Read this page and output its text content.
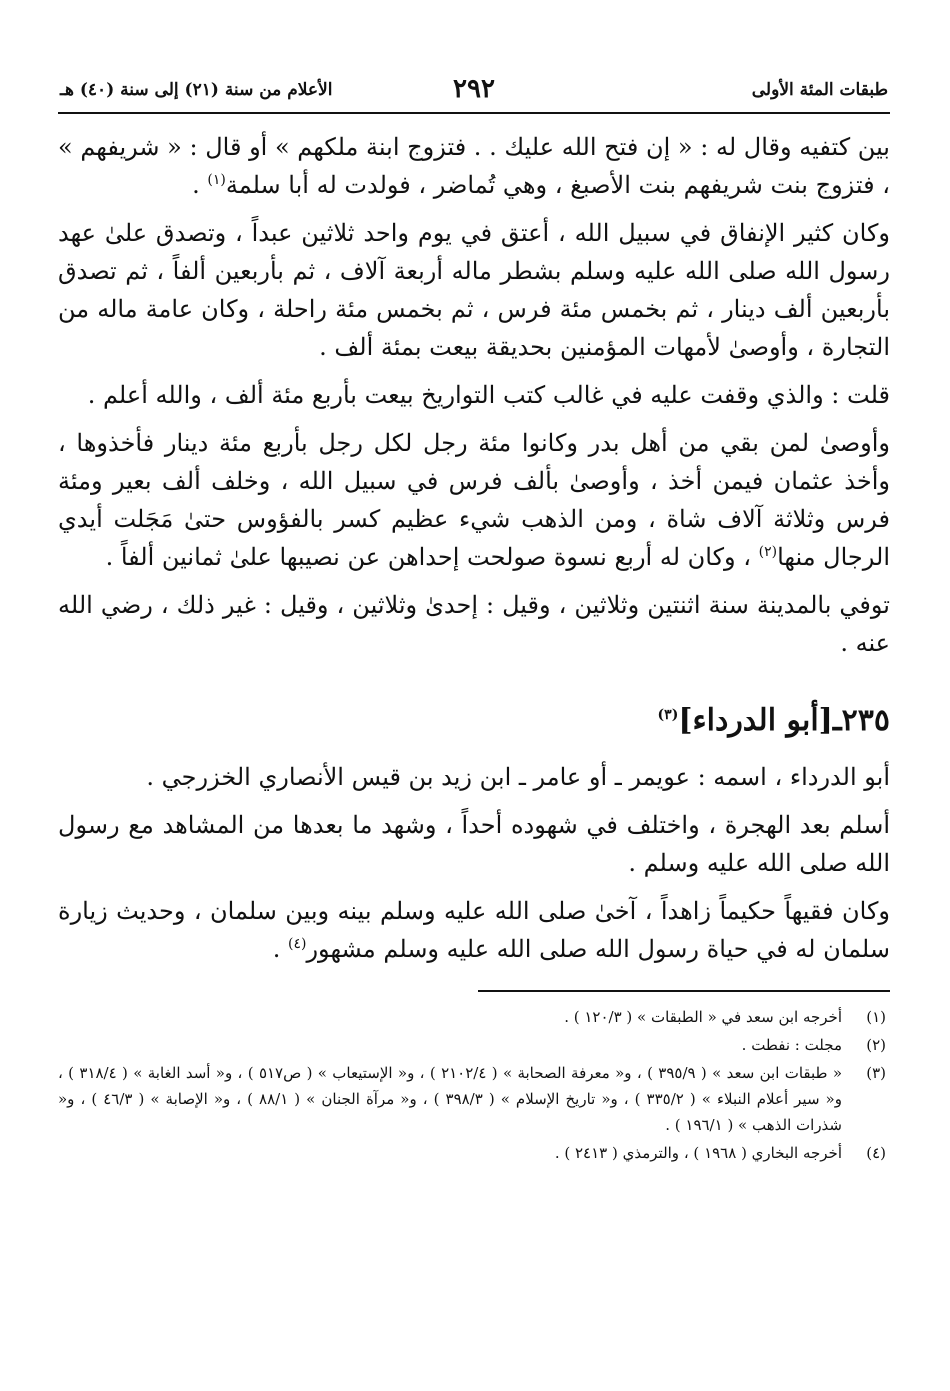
طبقات المئة الأولى
٢٩٢
الأعلام من سنة (٢١) إلى سنة (٤٠) هـ

بين كتفيه وقال له : « إن فتح الله عليك . . فتزوج ابنة ملكهم » أو قال : « شريفهم » ، فتزوج بنت شريفهم بنت الأصبغ ، وهي تُماضر ، فولدت له أبا سلمة$^{(١)}$ .

وكان كثير الإنفاق في سبيل الله ، أعتق في يوم واحد ثلاثين عبداً ، وتصدق علىٰ عهد رسول الله صلى الله عليه وسلم بشطر ماله أربعة آلاف ، ثم بأربعين ألفاً ، ثم تصدق بأربعين ألف دينار ، ثم بخمس مئة فرس ، ثم بخمس مئة راحلة ، وكان عامة ماله من التجارة ، وأوصىٰ لأمهات المؤمنين بحديقة بيعت بمئة ألف .

قلت : والذي وقفت عليه في غالب كتب التواريخ بيعت بأربع مئة ألف ، والله أعلم .

وأوصىٰ لمن بقي من أهل بدر وكانوا مئة رجل لكل رجل بأربع مئة دينار فأخذوها ، وأخذ عثمان فيمن أخذ ، وأوصىٰ بألف فرس في سبيل الله ، وخلف ألف بعير ومئة فرس وثلاثة آلاف شاة ، ومن الذهب شيء عظيم كسر بالفؤوس حتىٰ مَجَلت أيدي الرجال منها$^{(٢)}$ ، وكان له أربع نسوة صولحت إحداهن عن نصيبها علىٰ ثمانين ألفاً .

توفي بالمدينة سنة اثنتين وثلاثين ، وقيل : إحدىٰ وثلاثين ، وقيل : غير ذلك ، رضي الله عنه .

٢٣٥ـ[أبو الدرداء]$^{(٣)}$

أبو الدرداء ، اسمه : عويمر ـ أو عامر ـ ابن زيد بن قيس الأنصاري الخزرجي .

أسلم بعد الهجرة ، واختلف في شهوده أحداً ، وشهد ما بعدها من المشاهد مع رسول الله صلى الله عليه وسلم .

وكان فقيهاً حكيماً زاهداً ، آخىٰ صلى الله عليه وسلم بينه وبين سلمان ، وحديث زيارة سلمان له في حياة رسول الله صلى الله عليه وسلم مشهور$^{(٤)}$ .

(١)
أخرجه ابن سعد في « الطبقات » ( ١٢٠/٣ ) .
(٢)
مجلت : نفطت .
(٣)
« طبقات ابن سعد » ( ٣٩٥/٩ ) ، و« معرفة الصحابة » ( ٢١٠٢/٤ ) ، و« الإستيعاب » ( ص٥١٧ ) ، و« أسد الغابة » ( ٣١٨/٤ ) ، و« سير أعلام النبلاء » ( ٣٣٥/٢ ) ، و« تاريخ الإسلام » ( ٣٩٨/٣ ) ، و« مرآة الجنان » ( ٨٨/١ ) ، و« الإصابة » ( ٤٦/٣ ) ، و« شذرات الذهب » ( ١٩٦/١ ) .
(٤)
أخرجه البخاري ( ١٩٦٨ ) ، والترمذي ( ٢٤١٣ ) .
